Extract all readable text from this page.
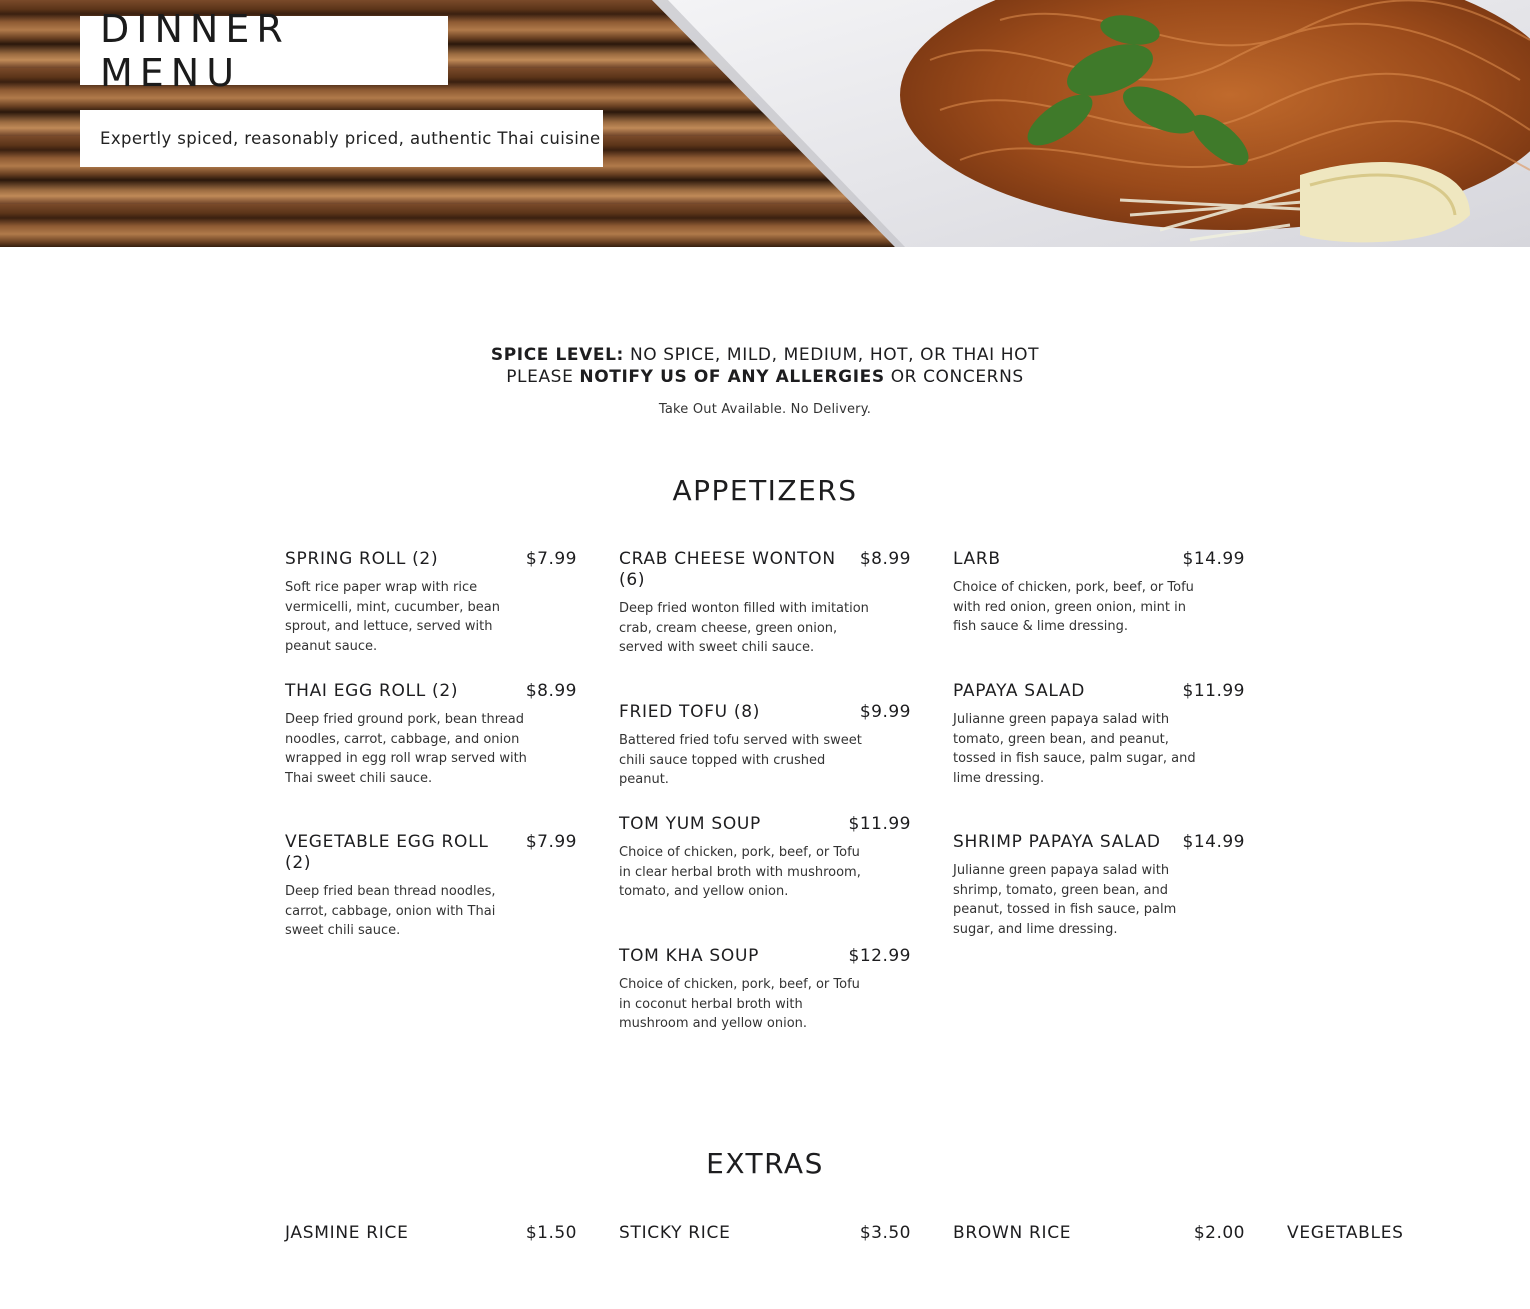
DINNER MENU
Expertly spiced, reasonably priced, authentic Thai cuisine
SPICE LEVEL: NO SPICE, MILD, MEDIUM, HOT, OR THAI HOT
PLEASE NOTIFY US OF ANY ALLERGIES OR CONCERNS
Take Out Available. No Delivery.
APPETIZERS
SPRING ROLL (2)	$7.99
Soft rice paper wrap with rice vermicelli, mint, cucumber, bean sprout, and lettuce, served with peanut sauce.
THAI EGG ROLL (2)	$8.99
Deep fried ground pork, bean thread noodles, carrot, cabbage, and onion wrapped in egg roll wrap served with Thai sweet chili sauce.
VEGETABLE EGG ROLL (2)
$7.99
Deep fried bean thread noodles, carrot, cabbage, onion with Thai sweet chili sauce.
CRAB CHEESE WONTON (6)
$8.99
Deep fried wonton filled with imitation crab, cream cheese, green onion, served with sweet chili sauce.
FRIED TOFU (8)	$9.99
Battered fried tofu served with sweet chili sauce topped with crushed peanut.
TOM YUM SOUP	$11.99
Choice of chicken, pork, beef, or Tofu in clear herbal broth with mushroom, tomato, and yellow onion.
TOM KHA SOUP	$12.99
Choice of chicken, pork, beef, or Tofu in coconut herbal broth with mushroom and yellow onion.
LARB	$14.99
Choice of chicken, pork, beef, or Tofu with red onion, green onion, mint in fish sauce & lime dressing.
PAPAYA SALAD	$11.99
Julianne green papaya salad with tomato, green bean, and peanut, tossed in fish sauce, palm sugar, and lime dressing.
SHRIMP PAPAYA SALAD $14.99
Julianne green papaya salad with shrimp, tomato, green bean, and peanut, tossed in fish sauce, palm sugar, and lime dressing.
EXTRAS
JASMINE RICE	$1.50 STICKY RICE	$3.50 BROWN RICE	$2.00 VEGETABLES
